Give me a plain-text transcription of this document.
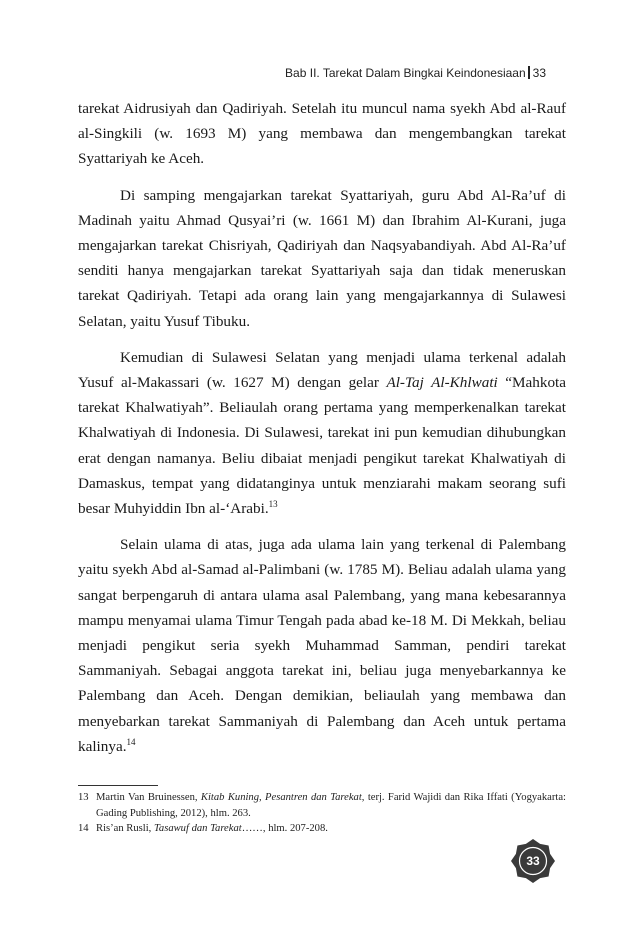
Bab II. Tarekat Dalam Bingkai Keindonesiaan 33

tarekat Aidrusiyah dan Qadiriyah. Setelah itu muncul nama syekh Abd al-Rauf al-Singkili (w. 1693 M) yang membawa dan mengembangkan tarekat Syattariyah ke Aceh.

Di samping mengajarkan tarekat Syattariyah, guru Abd Al-Ra’uf di Madinah yaitu Ahmad Qusyai’ri (w. 1661 M) dan Ibrahim Al-Kurani, juga mengajarkan tarekat Chisriyah, Qadiriyah dan Naqsyabandiyah. Abd Al-Ra’uf senditi hanya mengajarkan tarekat Syattariyah saja dan tidak meneruskan tarekat Qadiriyah. Tetapi ada orang lain yang mengajarkannya di Sulawesi Selatan, yaitu Yusuf Tibuku.

Kemudian di Sulawesi Selatan yang menjadi ulama terkenal adalah Yusuf al-Makassari (w. 1627 M) dengan gelar Al-Taj Al-Khlwati “Mahkota tarekat Khalwatiyah”. Beliaulah orang pertama yang memperkenalkan tarekat Khalwatiyah di Indonesia. Di Sulawesi, tarekat ini pun kemudian dihubungkan erat dengan namanya. Beliu dibaiat menjadi pengikut tarekat Khalwatiyah di Damaskus, tempat yang didatanginya untuk menziarahi makam seorang sufi besar Muhyiddin Ibn al-‘Arabi.$^{13}$

Selain ulama di atas, juga ada ulama lain yang terkenal di Palembang yaitu syekh Abd al-Samad al-Palimbani (w. 1785 M). Beliau adalah ulama yang sangat berpengaruh di antara ulama asal Palembang, yang mana kebesarannya mampu menyamai ulama Timur Tengah pada abad ke-18 M. Di Mekkah, beliau menjadi pengikut seria syekh Muhammad Samman, pendiri tarekat Sammaniyah. Sebagai anggota tarekat ini, beliau juga menyebarkannya ke Palembang dan Aceh. Dengan demikian, beliaulah yang membawa dan menyebarkan tarekat Sammaniyah di Palembang dan Aceh untuk pertama kalinya.$^{14}$

13 Martin Van Bruinessen, Kitab Kuning, Pesantren dan Tarekat, terj. Farid Wajidi dan Rika Iffati (Yogyakarta: Gading Publishing, 2012), hlm. 263.
14 Ris’an Rusli, Tasawuf dan Tarekat……, hlm. 207-208.
33
